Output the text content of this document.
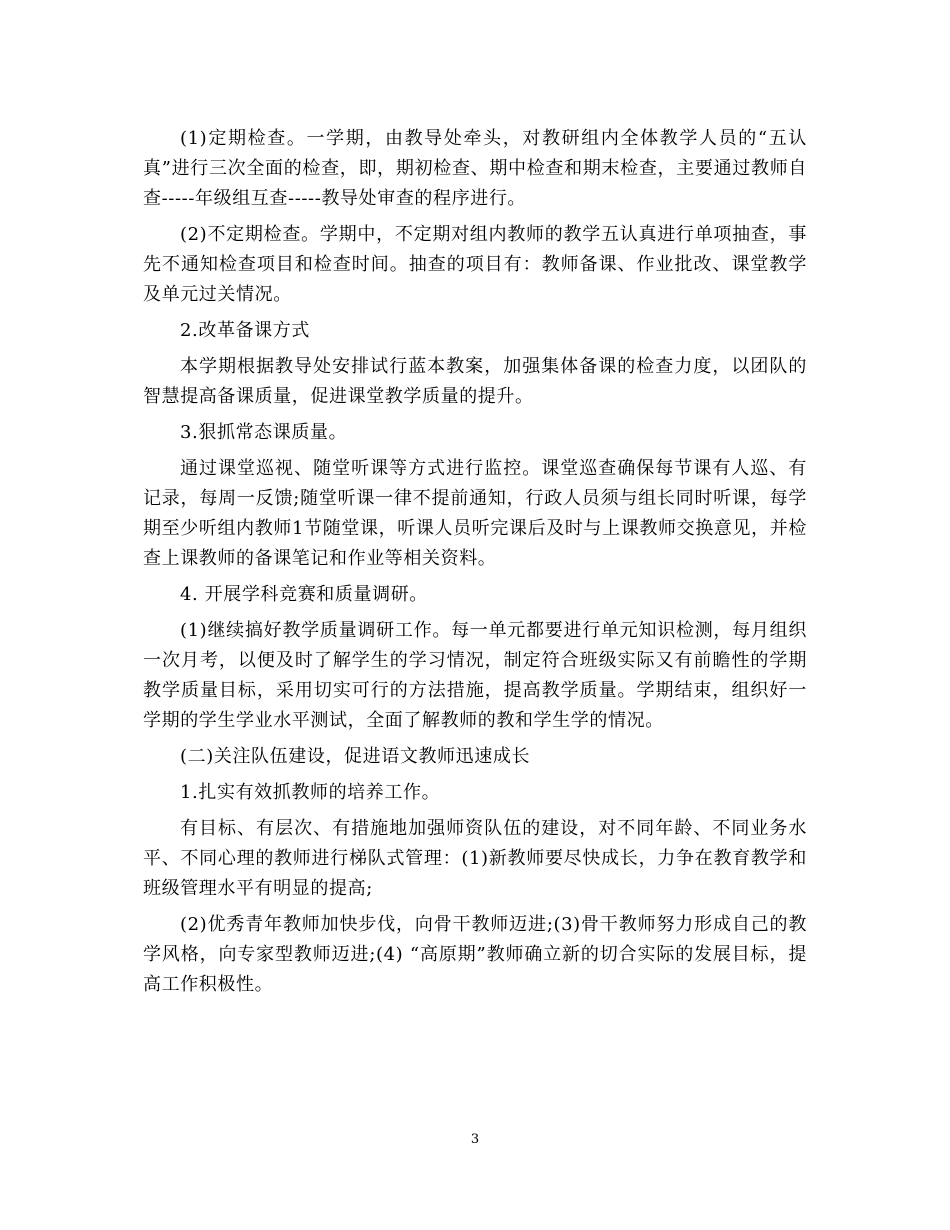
(1)定期检查。一学期，由教导处牵头，对教研组内全体教学人员的“五认真”进行三次全面的检查，即，期初检查、期中检查和期末检查，主要通过教师自查-----年级组互查-----教导处审查的程序进行。

(2)不定期检查。学期中，不定期对组内教师的教学五认真进行单项抽查，事先不通知检查项目和检查时间。抽查的项目有：教师备课、作业批改、课堂教学及单元过关情况。

2.改革备课方式

本学期根据教导处安排试行蓝本教案，加强集体备课的检查力度，以团队的智慧提高备课质量，促进课堂教学质量的提升。

3.狠抓常态课质量。

通过课堂巡视、随堂听课等方式进行监控。课堂巡查确保每节课有人巡、有记录，每周一反馈;随堂听课一律不提前通知，行政人员须与组长同时听课，每学期至少听组内教师1节随堂课，听课人员听完课后及时与上课教师交换意见，并检查上课教师的备课笔记和作业等相关资料。

4. 开展学科竞赛和质量调研。

(1)继续搞好教学质量调研工作。每一单元都要进行单元知识检测，每月组织一次月考，以便及时了解学生的学习情况，制定符合班级实际又有前瞻性的学期教学质量目标，采用切实可行的方法措施，提高教学质量。学期结束，组织好一学期的学生学业水平测试，全面了解教师的教和学生学的情况。

(二)关注队伍建设，促进语文教师迅速成长

1.扎实有效抓教师的培养工作。

有目标、有层次、有措施地加强师资队伍的建设，对不同年龄、不同业务水平、不同心理的教师进行梯队式管理：(1)新教师要尽快成长，力争在教育教学和班级管理水平有明显的提高;

(2)优秀青年教师加快步伐，向骨干教师迈进;(3)骨干教师努力形成自己的教学风格，向专家型教师迈进;(4) “高原期”教师确立新的切合实际的发展目标，提高工作积极性。

3
